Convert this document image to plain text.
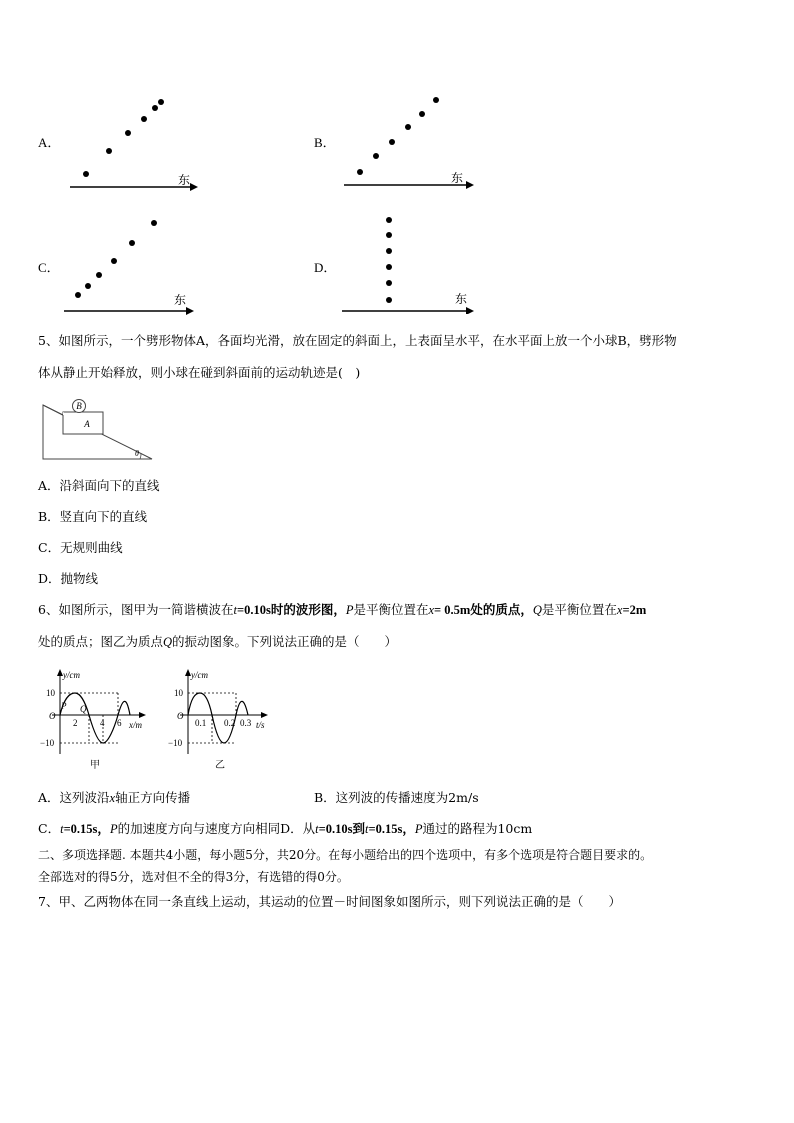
A．
东
B．
东
C．
东
D．
东
5、如图所示，一个劈形物体A，各面均光滑，放在固定的斜面上，上表面呈水平，在水平面上放一个小球B，劈形物
体从静止开始释放，则小球在碰到斜面前的运动轨迹是(　)
B
A
θ
A．沿斜面向下的直线
B．竖直向下的直线
C．无规则曲线
D．抛物线
6、如图所示，图甲为一简谐横波在t=0.10s时的波形图，P是平衡位置在x= 0.5m处的质点，Q是平衡位置在x=2m
处的质点；图乙为质点Q的振动图象。下列说法正确的是（　　）
y/cm
x/m
10
−10
O
2	4 6
P Q
甲
y/cm
t/s
10
−10
O
0.1 0.2 0.3
乙
A．这列波沿x轴正方向传播	B．这列波的传播速度为2m/s
C．t=0.15s，P的加速度方向与速度方向相同D．从t=0.10s到t=0.15s，P通过的路程为10cm
二、多项选择题. 本题共4小题，每小题5分，共20分。在每小题给出的四个选项中，有多个选项是符合题目要求的。
全部选对的得5分，选对但不全的得3分，有选错的得0分。
7、甲、乙两物体在同一条直线上运动，其运动的位置－时间图象如图所示，则下列说法正确的是（　　）
